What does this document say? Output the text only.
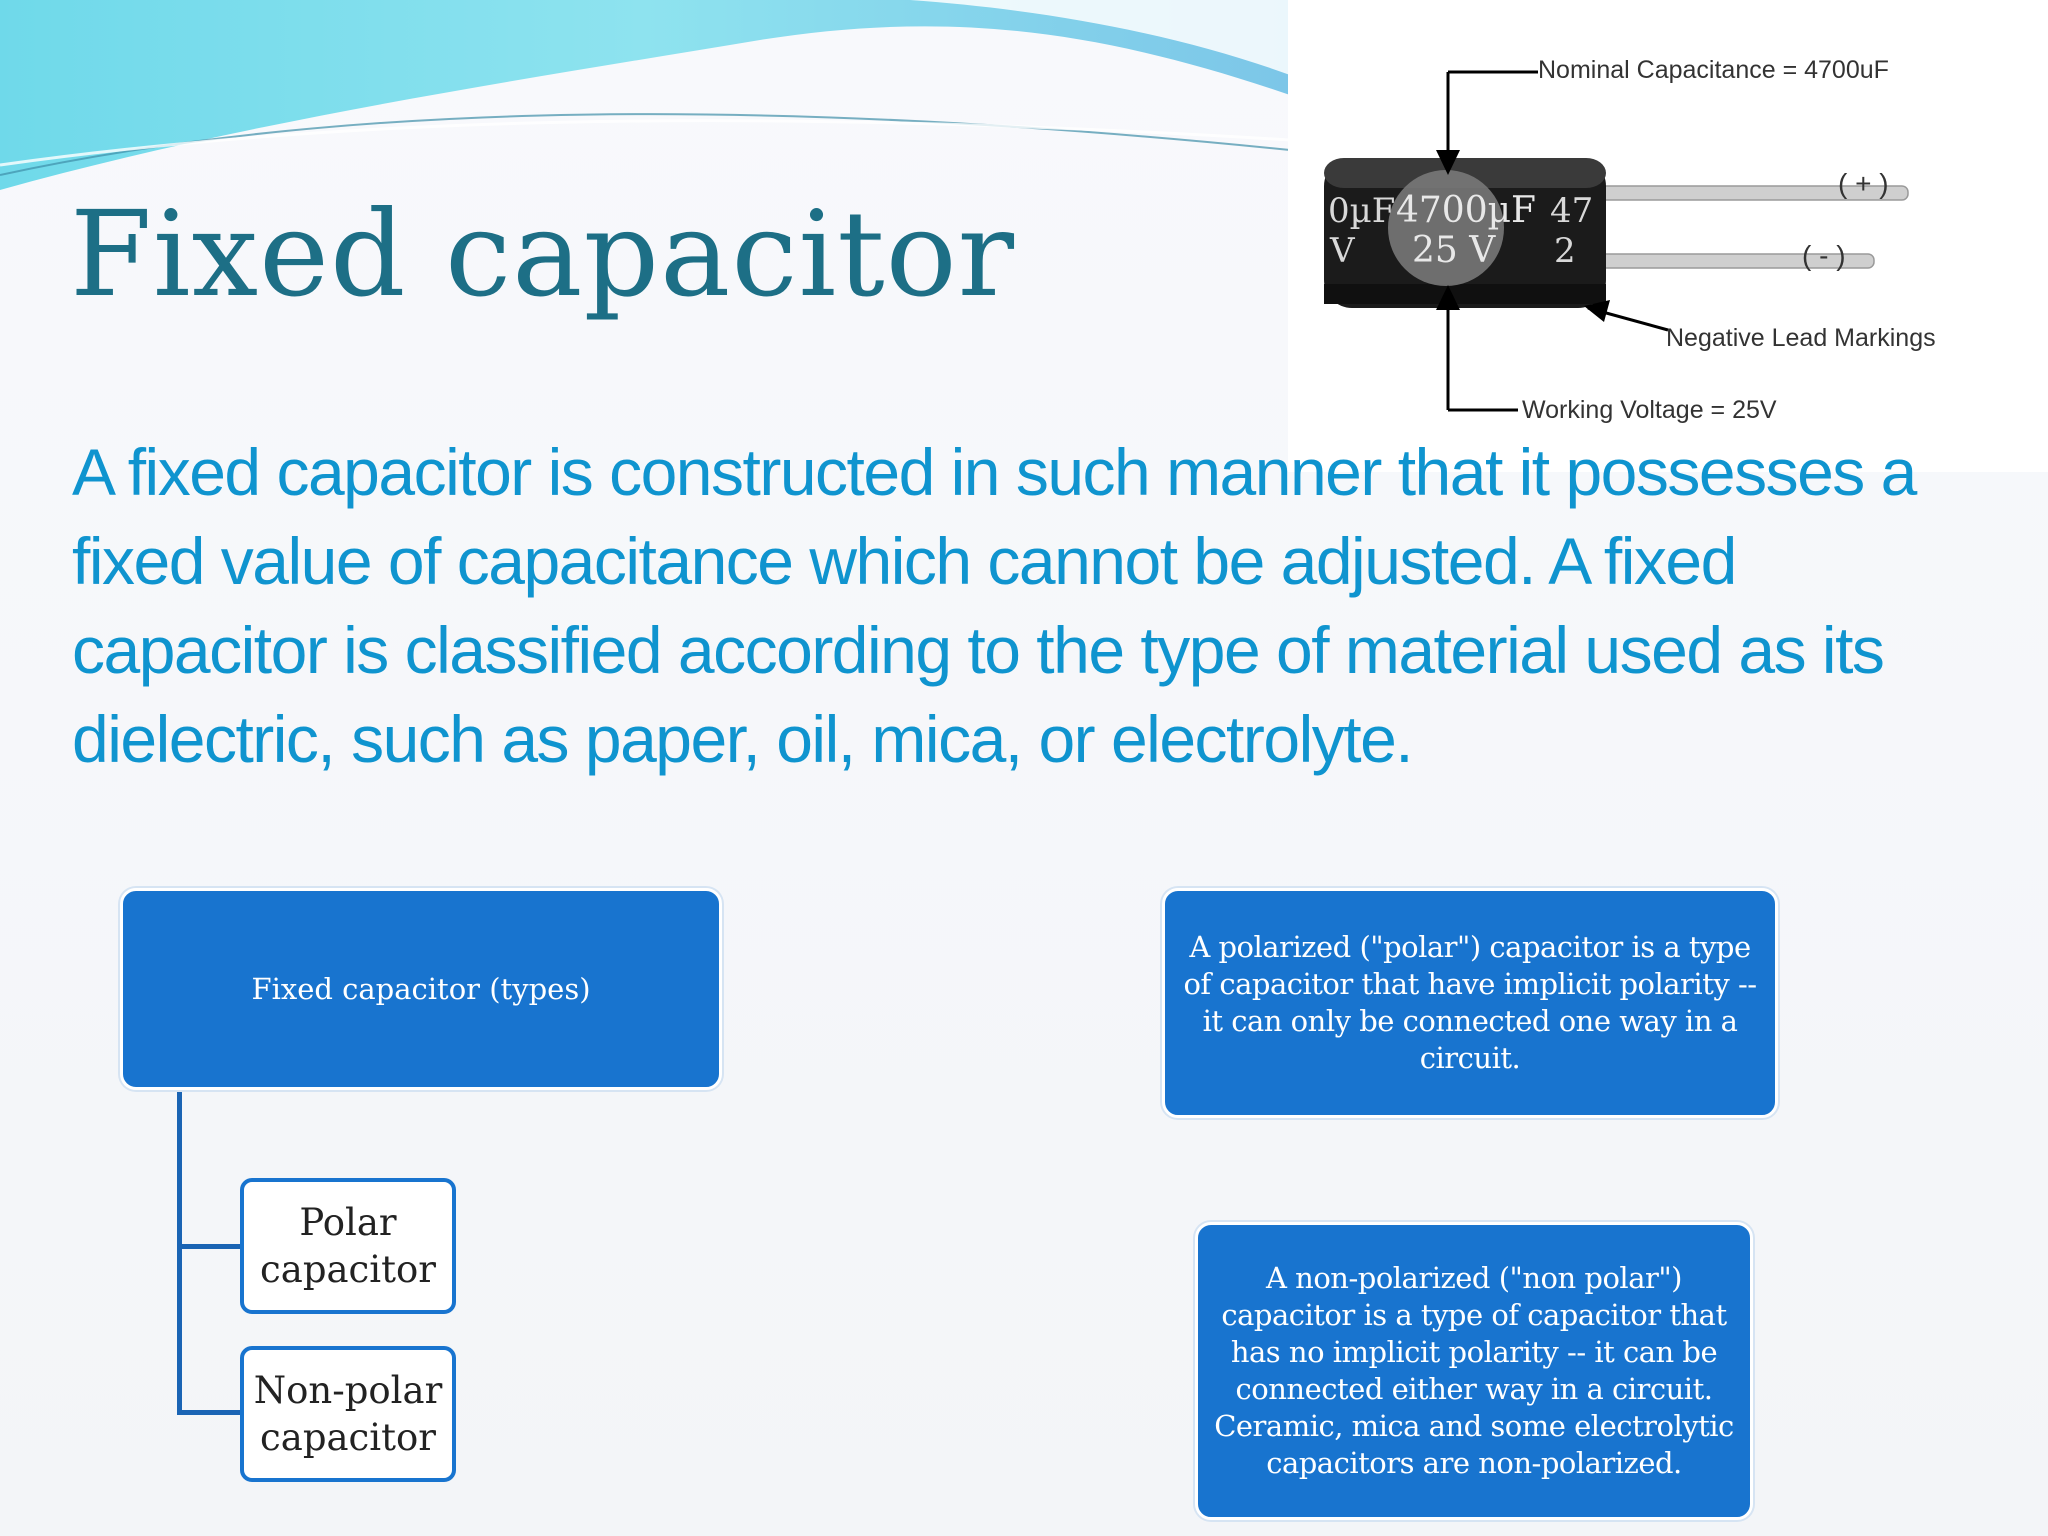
Fixed capacitor	4700µF
25 V
0µF
V
47
2
Nominal Capacitance = 4700uF
( + )
( - )
Negative Lead Markings
Working Voltage = 25V

A fixed capacitor is constructed in such manner that it possesses a fixed value of capacitance which cannot be adjusted. A fixed capacitor is classified according to the type of material used as its dielectric, such as paper, oil, mica, or electrolyte.

Fixed capacitor (types)
Polar capacitor
Non-polar capacitor
A polarized ("polar") capacitor is a type of capacitor that have implicit polarity -- it can only be connected one way in a circuit.
A non-polarized ("non polar") capacitor is a type of capacitor that has no implicit polarity -- it can be connected either way in a circuit. Ceramic, mica and some electrolytic capacitors are non-polarized.
